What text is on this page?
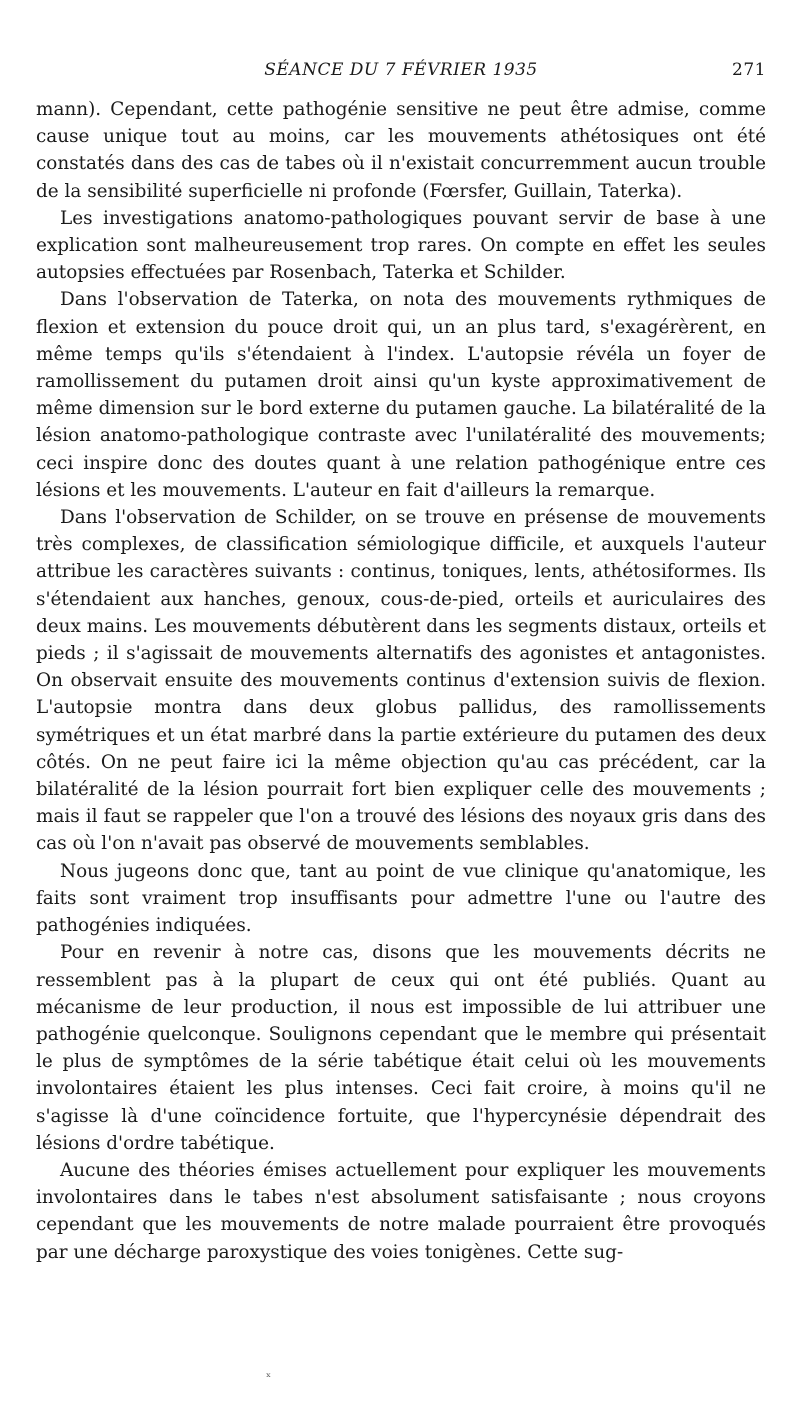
SÉANCE DU 7 FÉVRIER 1935	271

mann). Cependant, cette pathogénie sensitive ne peut être admise, comme cause unique tout au moins, car les mouvements athétosiques ont été constatés dans des cas de tabes où il n'existait concurremment aucun trouble de la sensibilité superficielle ni profonde (Fœrsfer, Guillain, Taterka).

Les investigations anatomo-pathologiques pouvant servir de base à une explication sont malheureusement trop rares. On compte en effet les seules autopsies effectuées par Rosenbach, Taterka et Schilder.

Dans l'observation de Taterka, on nota des mouvements rythmiques de flexion et extension du pouce droit qui, un an plus tard, s'exagérèrent, en même temps qu'ils s'étendaient à l'index. L'autopsie révéla un foyer de ramollissement du putamen droit ainsi qu'un kyste approximativement de même dimension sur le bord externe du putamen gauche. La bilatéralité de la lésion anatomo-pathologique contraste avec l'unilatéralité des mouvements; ceci inspire donc des doutes quant à une relation pathogénique entre ces lésions et les mouvements. L'auteur en fait d'ailleurs la remarque.

Dans l'observation de Schilder, on se trouve en présense de mouvements très complexes, de classification sémiologique difficile, et auxquels l'auteur attribue les caractères suivants : continus, toniques, lents, athétosiformes. Ils s'étendaient aux hanches, genoux, cous-de-pied, orteils et auriculaires des deux mains. Les mouvements débutèrent dans les segments distaux, orteils et pieds ; il s'agissait de mouvements alternatifs des agonistes et antagonistes. On observait ensuite des mouvements continus d'extension suivis de flexion. L'autopsie montra dans deux globus pallidus, des ramollissements symétriques et un état marbré dans la partie extérieure du putamen des deux côtés. On ne peut faire ici la même objection qu'au cas précédent, car la bilatéralité de la lésion pourrait fort bien expliquer celle des mouvements ; mais il faut se rappeler que l'on a trouvé des lésions des noyaux gris dans des cas où l'on n'avait pas observé de mouvements semblables.

Nous jugeons donc que, tant au point de vue clinique qu'anatomique, les faits sont vraiment trop insuffisants pour admettre l'une ou l'autre des pathogénies indiquées.

Pour en revenir à notre cas, disons que les mouvements décrits ne ressemblent pas à la plupart de ceux qui ont été publiés. Quant au mécanisme de leur production, il nous est impossible de lui attribuer une pathogénie quelconque. Soulignons cependant que le membre qui présentait le plus de symptômes de la série tabétique était celui où les mouvements involontaires étaient les plus intenses. Ceci fait croire, à moins qu'il ne s'agisse là d'une coïncidence fortuite, que l'hypercynésie dépendrait des lésions d'ordre tabétique.

Aucune des théories émises actuellement pour expliquer les mouvements involontaires dans le tabes n'est absolument satisfaisante ; nous croyons cependant que les mouvements de notre malade pourraient être provoqués par une décharge paroxystique des voies tonigènes. Cette sug-

ˣ
